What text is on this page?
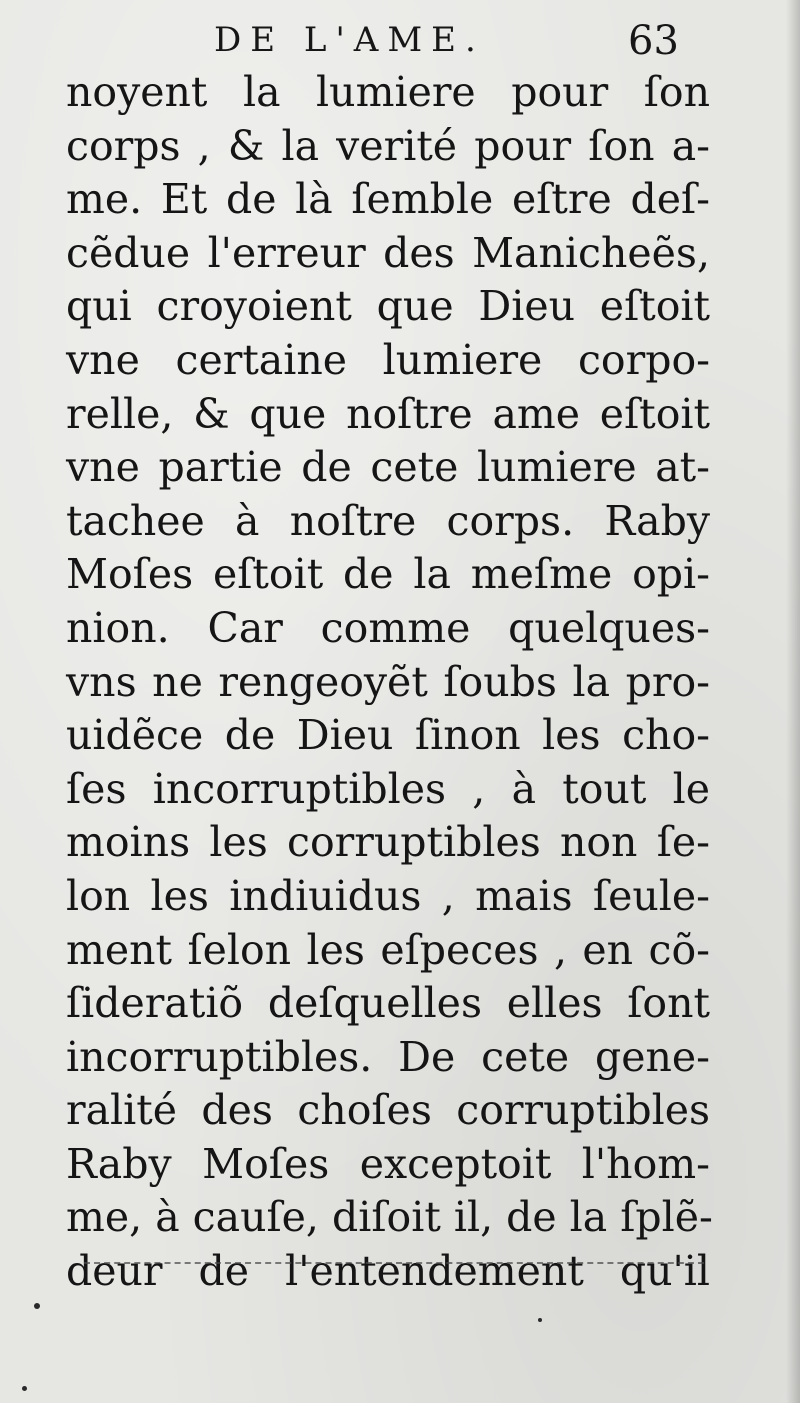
DE L'AME.	63
noyent la lumiere pour ſon
corps , & la verité pour ſon a-
me. Et de là ſemble eſtre deſ-
cẽdue l'erreur des Manicheẽs,
qui croyoient que Dieu eſtoit
vne certaine lumiere corpo-
relle, & que noſtre ame eſtoit
vne partie de cete lumiere at-
tachee à noſtre corps. Raby
Moſes eſtoit de la meſme opi-
nion. Car comme quelques-
vns ne rengeoyẽt ſoubs la pro-
uidẽce de Dieu ſinon les cho-
ſes incorruptibles , à tout le
moins les corruptibles non ſe-
lon les indiuidus , mais ſeule-
ment ſelon les eſpeces , en cõ-
ſideratiõ deſquelles elles ſont
incorruptibles. De cete gene-
ralité des choſes corruptibles
Raby Moſes exceptoit l'hom-
me, à cauſe, diſoit il, de la ſplẽ-
deur de l'entendement qu'il
